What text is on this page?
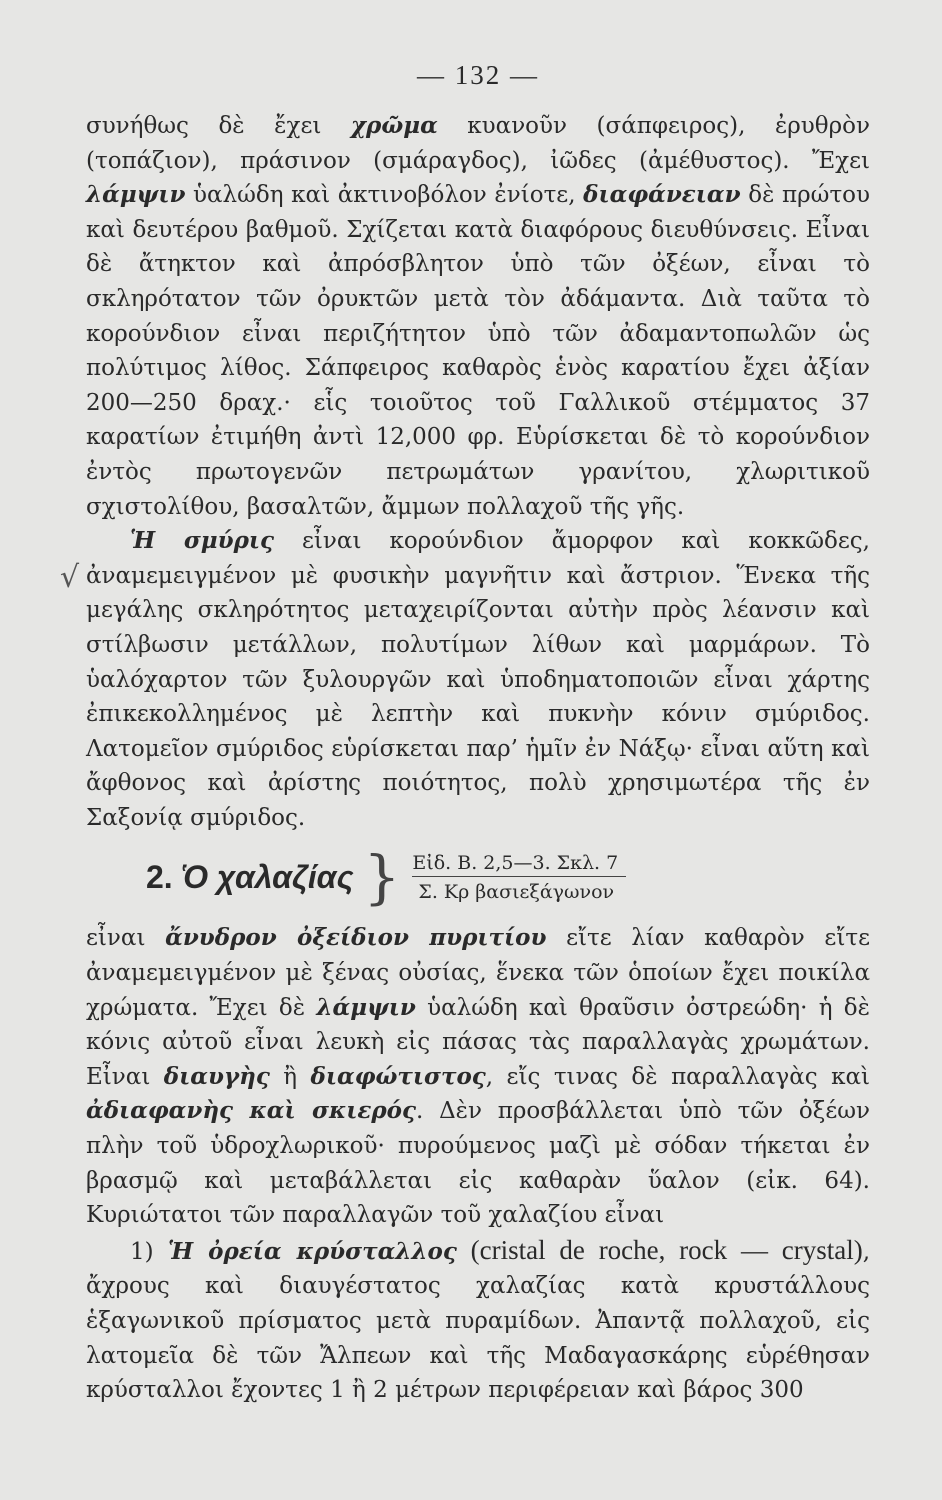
— 132 —
√

συνήθως δὲ ἔχει χρῶμα κυανοῦν (σάπφειρος), ἐρυθρὸν (τοπάζιον), πράσινον (σμάραγδος), ἰῶδες (ἀμέθυστος). Ἔχει λάμψιν ὑαλώδη καὶ ἀκτινοβόλον ἐνίοτε, διαφάνειαν δὲ πρώτου καὶ δευτέρου βαθμοῦ. Σχίζεται κατὰ διαφόρους διευθύνσεις. Εἶναι δὲ ἄτηκτον καὶ ἀπρόσβλητον ὑπὸ τῶν ὀξέων, εἶναι τὸ σκληρότατον τῶν ὀρυκτῶν μετὰ τὸν ἀδάμαντα. Διὰ ταῦτα τὸ κορούνδιον εἶναι περιζήτητον ὑπὸ τῶν ἀδαμαντοπωλῶν ὡς πολύτιμος λίθος. Σάπφειρος καθαρὸς ἑνὸς καρατίου ἔχει ἀξίαν 200—250 δραχ.· εἷς τοιοῦτος τοῦ Γαλλικοῦ στέμματος 37 καρατίων ἐτιμήθη ἀντὶ 12,000 φρ. Εὑρίσκεται δὲ τὸ κορούνδιον ἐντὸς πρωτογενῶν πετρωμάτων γρανίτου, χλωριτικοῦ σχιστολίθου, βασαλτῶν, ἄμμων πολλαχοῦ τῆς γῆς.

Ἡ σμύρις εἶναι κορούνδιον ἄμορφον καὶ κοκκῶδες, ἀναμεμειγμένον μὲ φυσικὴν μαγνῆτιν καὶ ἄστριον. Ἕνεκα τῆς μεγάλης σκληρότητος μεταχειρίζονται αὐτὴν πρὸς λέανσιν καὶ στίλβωσιν μετάλλων, πολυτίμων λίθων καὶ μαρμάρων. Τὸ ὑαλόχαρτον τῶν ξυλουργῶν καὶ ὑποδηματοποιῶν εἶναι χάρτης ἐπικεκολλημένος μὲ λεπτὴν καὶ πυκνὴν κόνιν σμύριδος. Λατομεῖον σμύριδος εὑρίσκεται παρ’ ἡμῖν ἐν Νάξῳ· εἶναι αὕτη καὶ ἄφθονος καὶ ἀρίστης ποιότητος, πολὺ χρησιμωτέρα τῆς ἐν Σαξονίᾳ σμύριδος.

2. Ὁ χαλαζίας } Εἰδ. Β. 2,5—3. Σκλ. 7
Σ. Κρ βασιεξάγωνον

εἶναι ἄνυδρον ὀξείδιον πυριτίου εἴτε λίαν καθαρὸν εἴτε ἀναμεμειγμένον μὲ ξένας οὐσίας, ἕνεκα τῶν ὁποίων ἔχει ποικίλα χρώματα. Ἔχει δὲ λάμψιν ὑαλώδη καὶ θραῦσιν ὀστρεώδη· ἡ δὲ κόνις αὐτοῦ εἶναι λευκὴ εἰς πάσας τὰς παραλλαγὰς χρωμάτων. Εἶναι διαυγὴς ἢ διαφώτιστος, εἴς τινας δὲ παραλλαγὰς καὶ ἀδιαφανὴς καὶ σκιερός. Δὲν προσβάλλεται ὑπὸ τῶν ὀξέων πλὴν τοῦ ὑδροχλωρικοῦ· πυρούμενος μαζὶ μὲ σόδαν τήκεται ἐν βρασμῷ καὶ μεταβάλλεται εἰς καθαρὰν ὕαλον (εἰκ. 64). Κυριώτατοι τῶν παραλλαγῶν τοῦ χαλαζίου εἶναι

1) Ἡ ὀρεία κρύσταλλος (cristal de roche, rock — crystal), ἄχρους καὶ διαυγέστατος χαλαζίας κατὰ κρυστάλλους ἑξαγωνικοῦ πρίσματος μετὰ πυραμίδων. Ἀπαντᾷ πολλαχοῦ, εἰς λατομεῖα δὲ τῶν Ἄλπεων καὶ τῆς Μαδαγασκάρης εὑρέθησαν κρύσταλλοι ἔχοντες 1 ἢ 2 μέτρων περιφέρειαν καὶ βάρος 300
